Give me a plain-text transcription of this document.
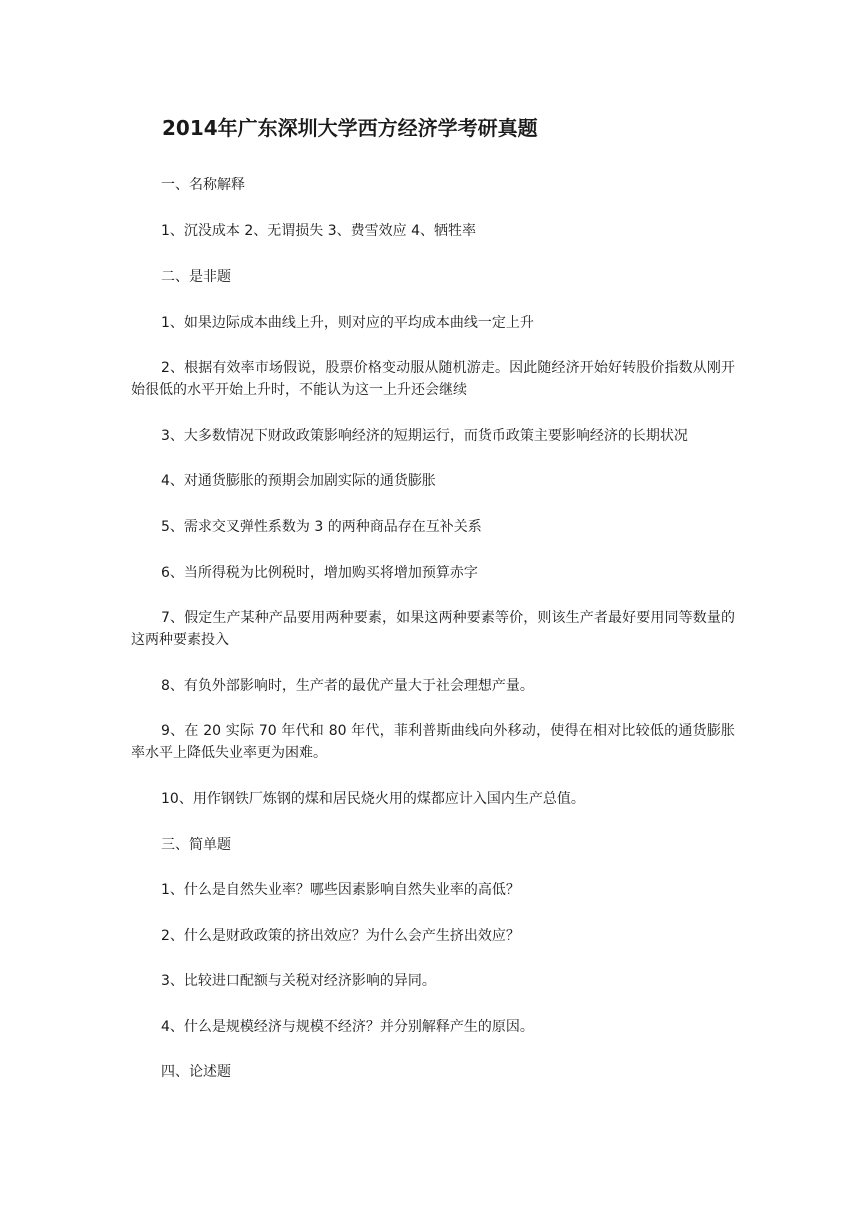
2014年广东深圳大学西方经济学考研真题

一、名称解释

1、沉没成本 2、无谓损失 3、费雪效应 4、牺牲率

二、是非题

1、如果边际成本曲线上升，则对应的平均成本曲线一定上升

2、根据有效率市场假说，股票价格变动服从随机游走。因此随经济开始好转股价指数从刚开始很低的水平开始上升时，不能认为这一上升还会继续

3、大多数情况下财政政策影响经济的短期运行，而货币政策主要影响经济的长期状况

4、对通货膨胀的预期会加剧实际的通货膨胀

5、需求交叉弹性系数为 3 的两种商品存在互补关系

6、当所得税为比例税时，增加购买将增加预算赤字

7、假定生产某种产品要用两种要素，如果这两种要素等价，则该生产者最好要用同等数量的这两种要素投入

8、有负外部影响时，生产者的最优产量大于社会理想产量。

9、在 20 实际 70 年代和 80 年代，菲利普斯曲线向外移动，使得在相对比较低的通货膨胀率水平上降低失业率更为困难。

10、用作钢铁厂炼钢的煤和居民烧火用的煤都应计入国内生产总值。

三、简单题

1、什么是自然失业率？哪些因素影响自然失业率的高低？

2、什么是财政政策的挤出效应？为什么会产生挤出效应？

3、比较进口配额与关税对经济影响的异同。

4、什么是规模经济与规模不经济？并分别解释产生的原因。

四、论述题
